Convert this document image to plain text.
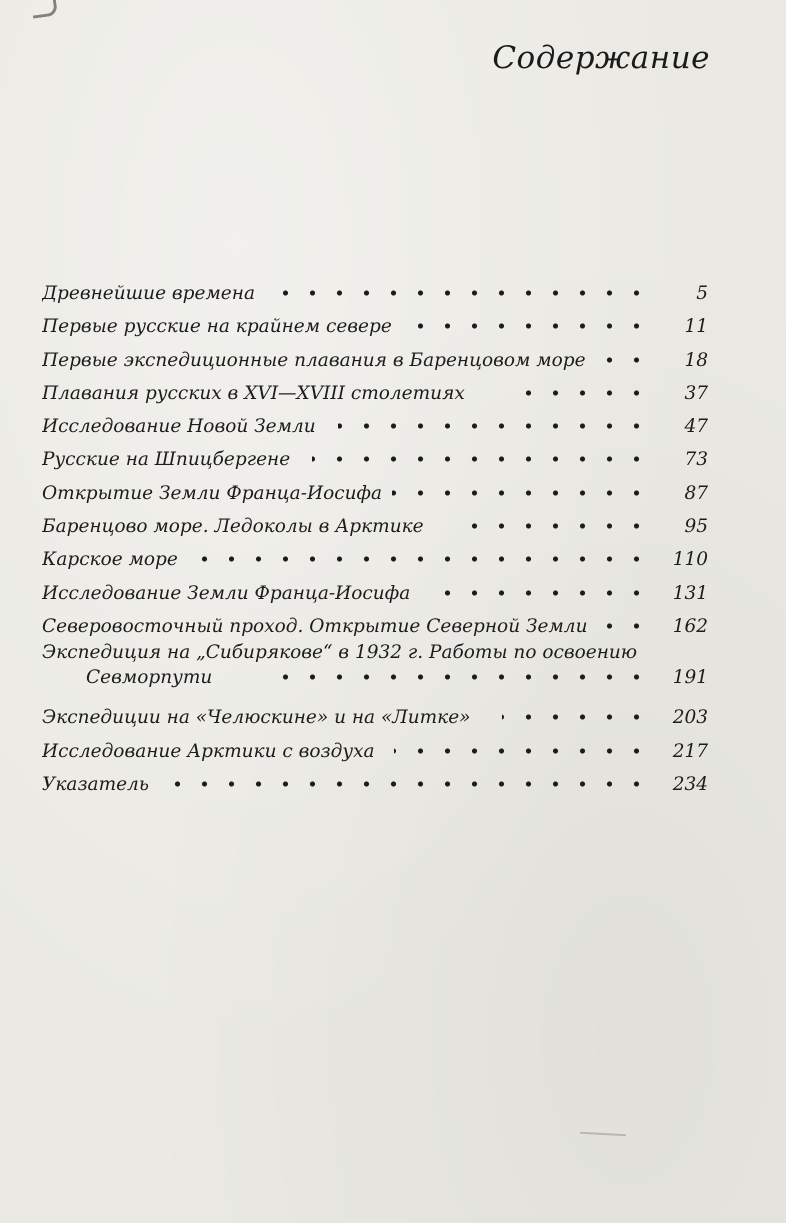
Содержание
Древнейшие времена	5
Первые русские на крайнем севере	11
Первые экспедиционные плавания в Баренцовом море	18
Плавания русских в XVI—XVIII столетиях	37
Исследование Новой Земли	47
Русские на Шпицбергене	73
Открытие Земли Франца-Иосифа	87
Баренцово море. Ледоколы в Арктике	95
Карское море	110
Исследование Земли Франца-Иосифа	131
Северовосточный проход. Открытие Северной Земли	162
Экспедиция на „Сибирякове“ в 1932 г. Работы по освоению
Севморпути	191
Экспедиции на «Челюскине» и на «Литке»	203
Исследование Арктики с воздуха	217
Указатель	234
